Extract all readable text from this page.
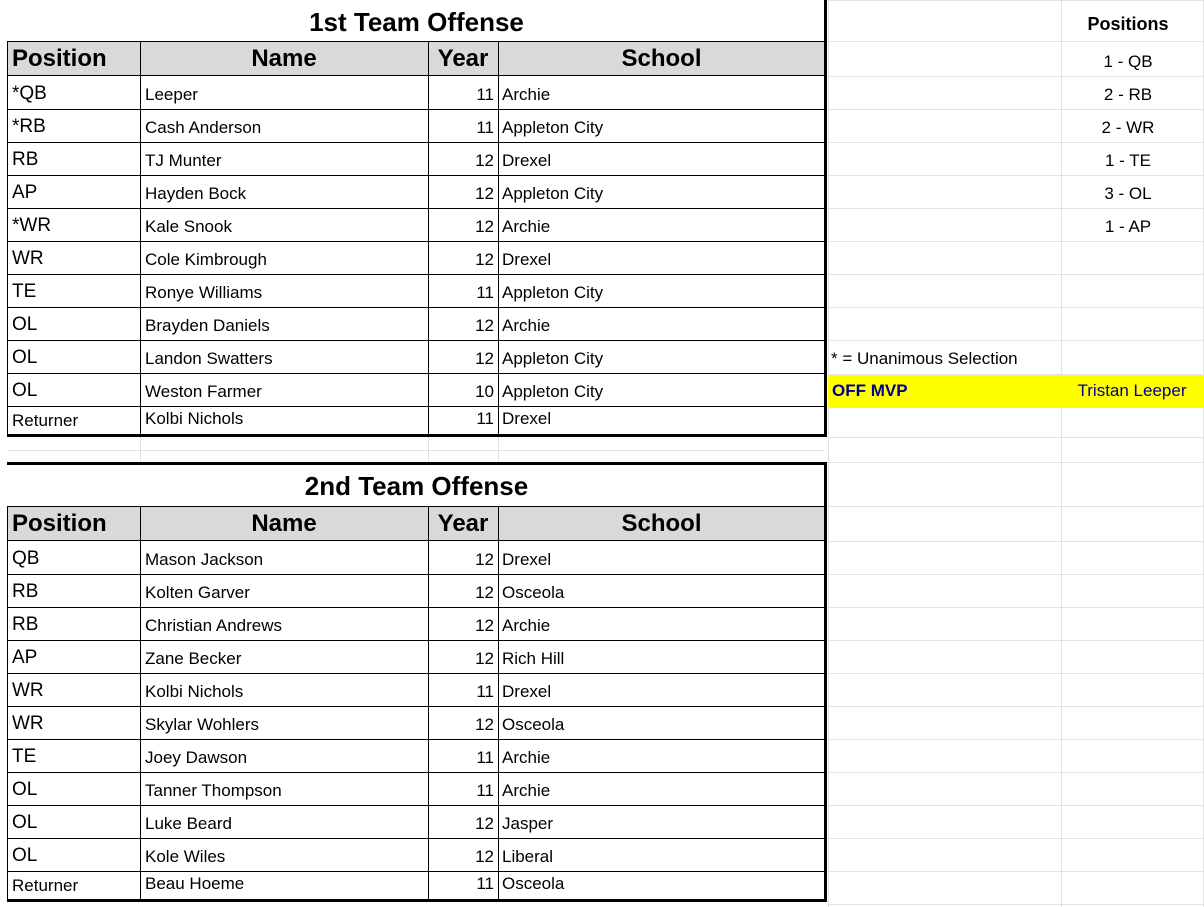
1st Team Offense
Position	Name	Year	School
*QB	Leeper	11 Archie
*RB	Cash Anderson	11 Appleton City
RB	TJ Munter	12 Drexel
AP	Hayden Bock	12 Appleton City
*WR	Kale Snook	12 Archie
WR	Cole Kimbrough	12 Drexel
TE	Ronye Williams	11 Appleton City
OL	Brayden Daniels	12 Archie
OL	Landon Swatters	12 Appleton City
OL	Weston Farmer	10 Appleton City
Returner	Kolbi Nichols	11 Drexel
2nd Team Offense
Position	Name	Year	School
QB	Mason Jackson	12 Drexel
RB	Kolten Garver	12 Osceola
RB	Christian Andrews	12 Archie
AP	Zane Becker	12 Rich Hill
WR	Kolbi Nichols	11 Drexel
WR	Skylar Wohlers	12 Osceola
TE	Joey Dawson	11 Archie
OL	Tanner Thompson	11 Archie
OL	Luke Beard	12 Jasper
OL	Kole Wiles	12 Liberal
Returner	Beau Hoeme	11 Osceola
Positions
1 - QB
2 - RB
2 - WR
1 - TE
3 - OL
1 - AP
* = Unanimous Selection
OFF MVP	Tristan Leeper
